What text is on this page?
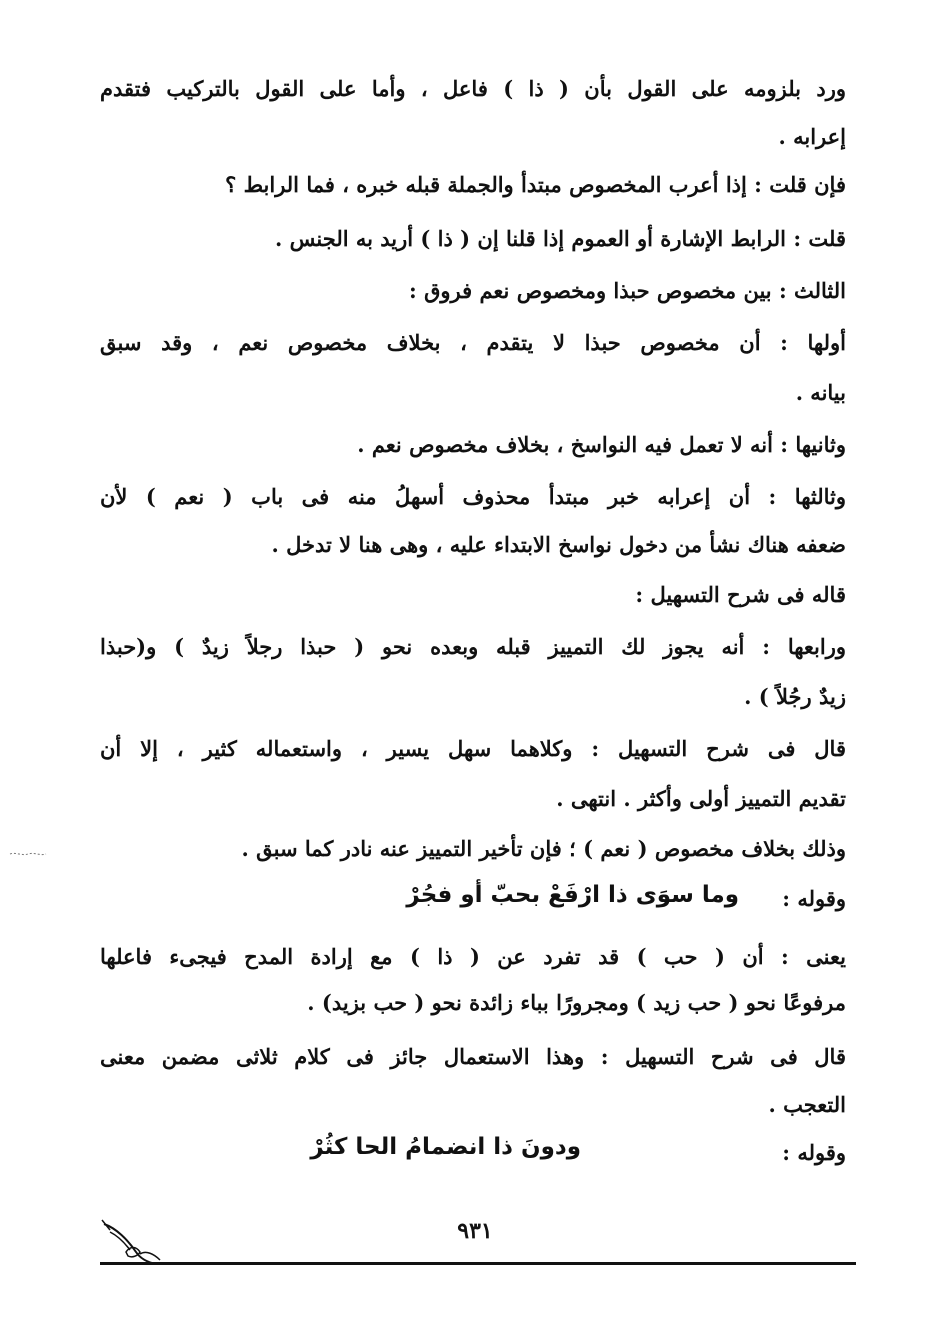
ورد بلزومه على القول بأن ( ذا ) فاعل ، وأما على القول بالتركيب فتقدم
إعرابه .
فإن قلت : إذا أعرب المخصوص مبتدأ والجملة قبله خبره ، فما الرابط ؟
قلت : الرابط الإشارة أو العموم إذا قلنا إن ( ذا ) أريد به الجنس .
الثالث : بين مخصوص حبذا ومخصوص نعم فروق :
أولها : أن مخصوص حبذا لا يتقدم ، بخلاف مخصوص نعم ، وقد سبق
بيانه .
وثانيها : أنه لا تعمل فيه النواسخ ، بخلاف مخصوص نعم .
وثالثها : أن إعرابه خبر مبتدأ محذوف أسهلُ منه فى باب ( نعم ) لأن
ضعفه هناك نشأ من دخول نواسخ الابتداء عليه ، وهى هنا لا تدخل .
قاله فى شرح التسهيل :
ورابعها : أنه يجوز لك التمييز قبله وبعده نحو ( حبذا رجلاً زيدٌ ) و(حبذا
زيدٌ رجُلاً ) .
قال فى شرح التسهيل : وكلاهما سهل يسير ، واستعماله كثير ، إلا أن
تقديم التمييز أولى وأكثر . انتهى .
وذلك بخلاف مخصوص ( نعم ) ؛ فإن تأخير التمييز عنه نادر كما سبق .
وقوله :
وما سوَى ذا ارْفَعْ بحبّ أو فجُرْ
يعنى : أن ( حب ) قد تفرد عن ( ذا ) مع إرادة المدح فيجىء فاعلها
مرفوعًا نحو ( حب زيد ) ومجرورًا بباء زائدة نحو ( حب بزيد) .
قال فى شرح التسهيل : وهذا الاستعمال جائز فى كلام ثلاثى مضمن معنى
التعجب .
وقوله :
ودونَ ذا انضمامُ الحا كثُرْ
٩٣١
